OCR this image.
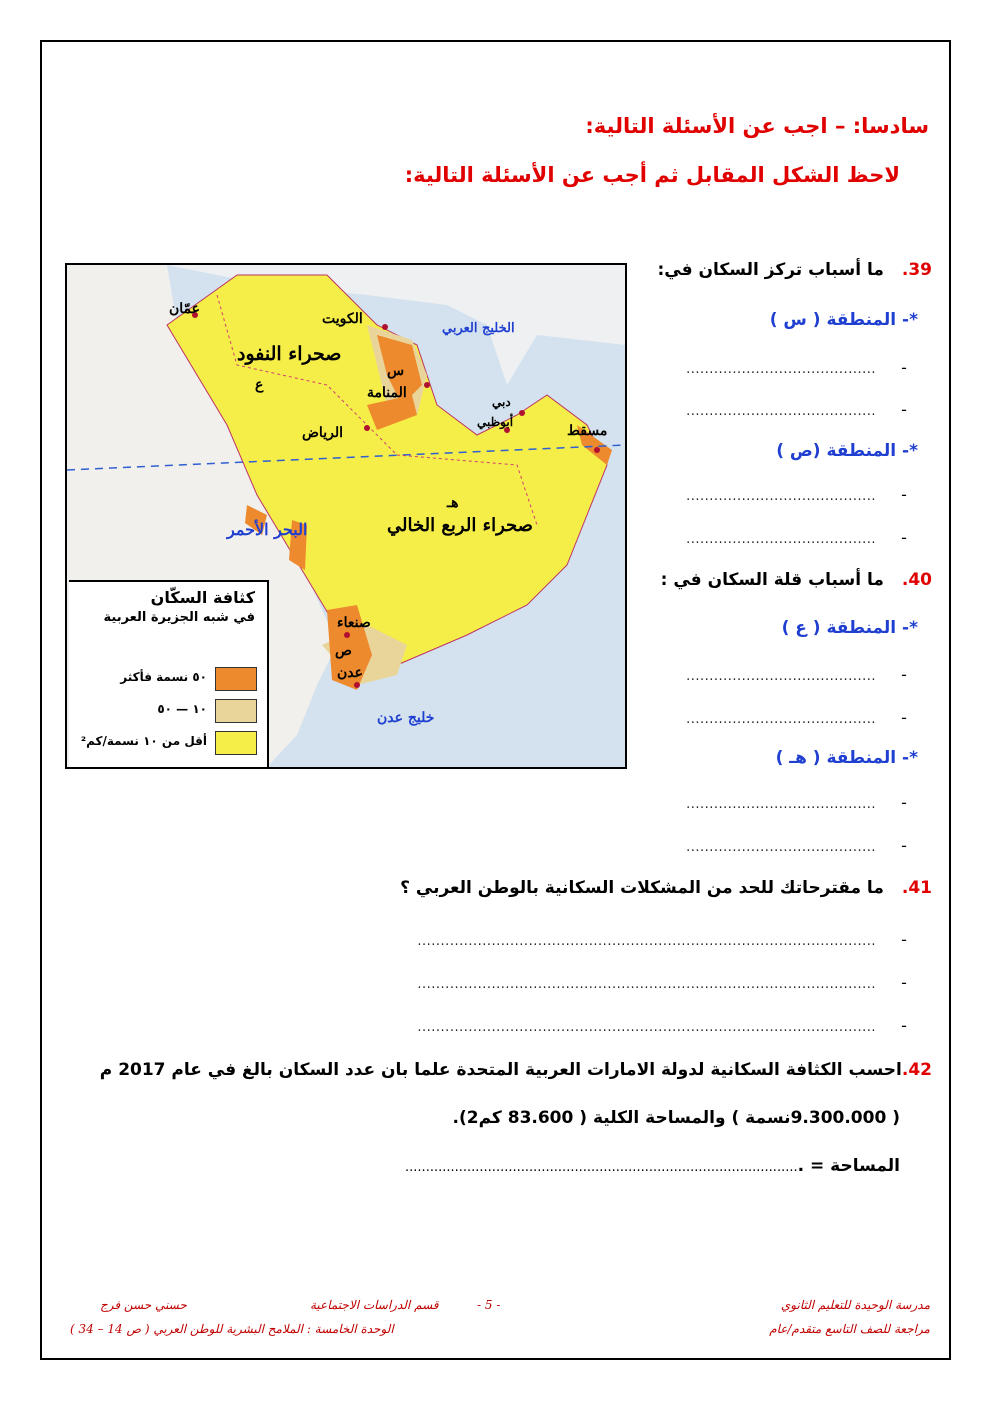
سادسا: – اجب عن الأسئلة التالية:
لاحظ الشكل المقابل ثم أجب عن الأسئلة التالية:
عمّان
الكويت
صحراء النفود
س
ع	المنامة
الرياض
دبي
أبوظبي
مسقط
الخليج العربي
هـ
صحراء الربع الخالي
البحر الأحمر
صنعاء
ص
عدن
خليج عدن
كثافة السكّان
في شبه الجزيرة العربية
٥٠ نسمة فأكثر
١٠ — ٥٠
أقل من ١٠ نسمة/كم²
39.ما أسباب تركز السكان في:
*- المنطقة ( س )
-.........................................
-.........................................
*- المنطقة (ص )
-.........................................
-.........................................
40.ما أسباب قلة السكان في :
*- المنطقة ( ع )
-.........................................
-.........................................
*- المنطقة ( هـ )
-.........................................
-.........................................
41.ما مقترحاتك للحد من المشكلات السكانية بالوطن العربي ؟
-...................................................................................................
-...................................................................................................
-...................................................................................................
42.احسب الكثافة السكانية لدولة الامارات العربية المتحدة علما بان عدد السكان بالغ في عام 2017 م
( 9.300.000نسمة ) والمساحة الكلية ( 83.600 كم2).
المساحة = ................................................................................................
مدرسة الوحيدة للتعليم الثانوي
مراجعة للصف التاسع متقدم/عام
- 5 -
قسم الدراسات الاجتماعية
حسني حسن فرج
الوحدة الخامسة : الملامح البشرية للوطن العربي ( ص 14 – 34 )
